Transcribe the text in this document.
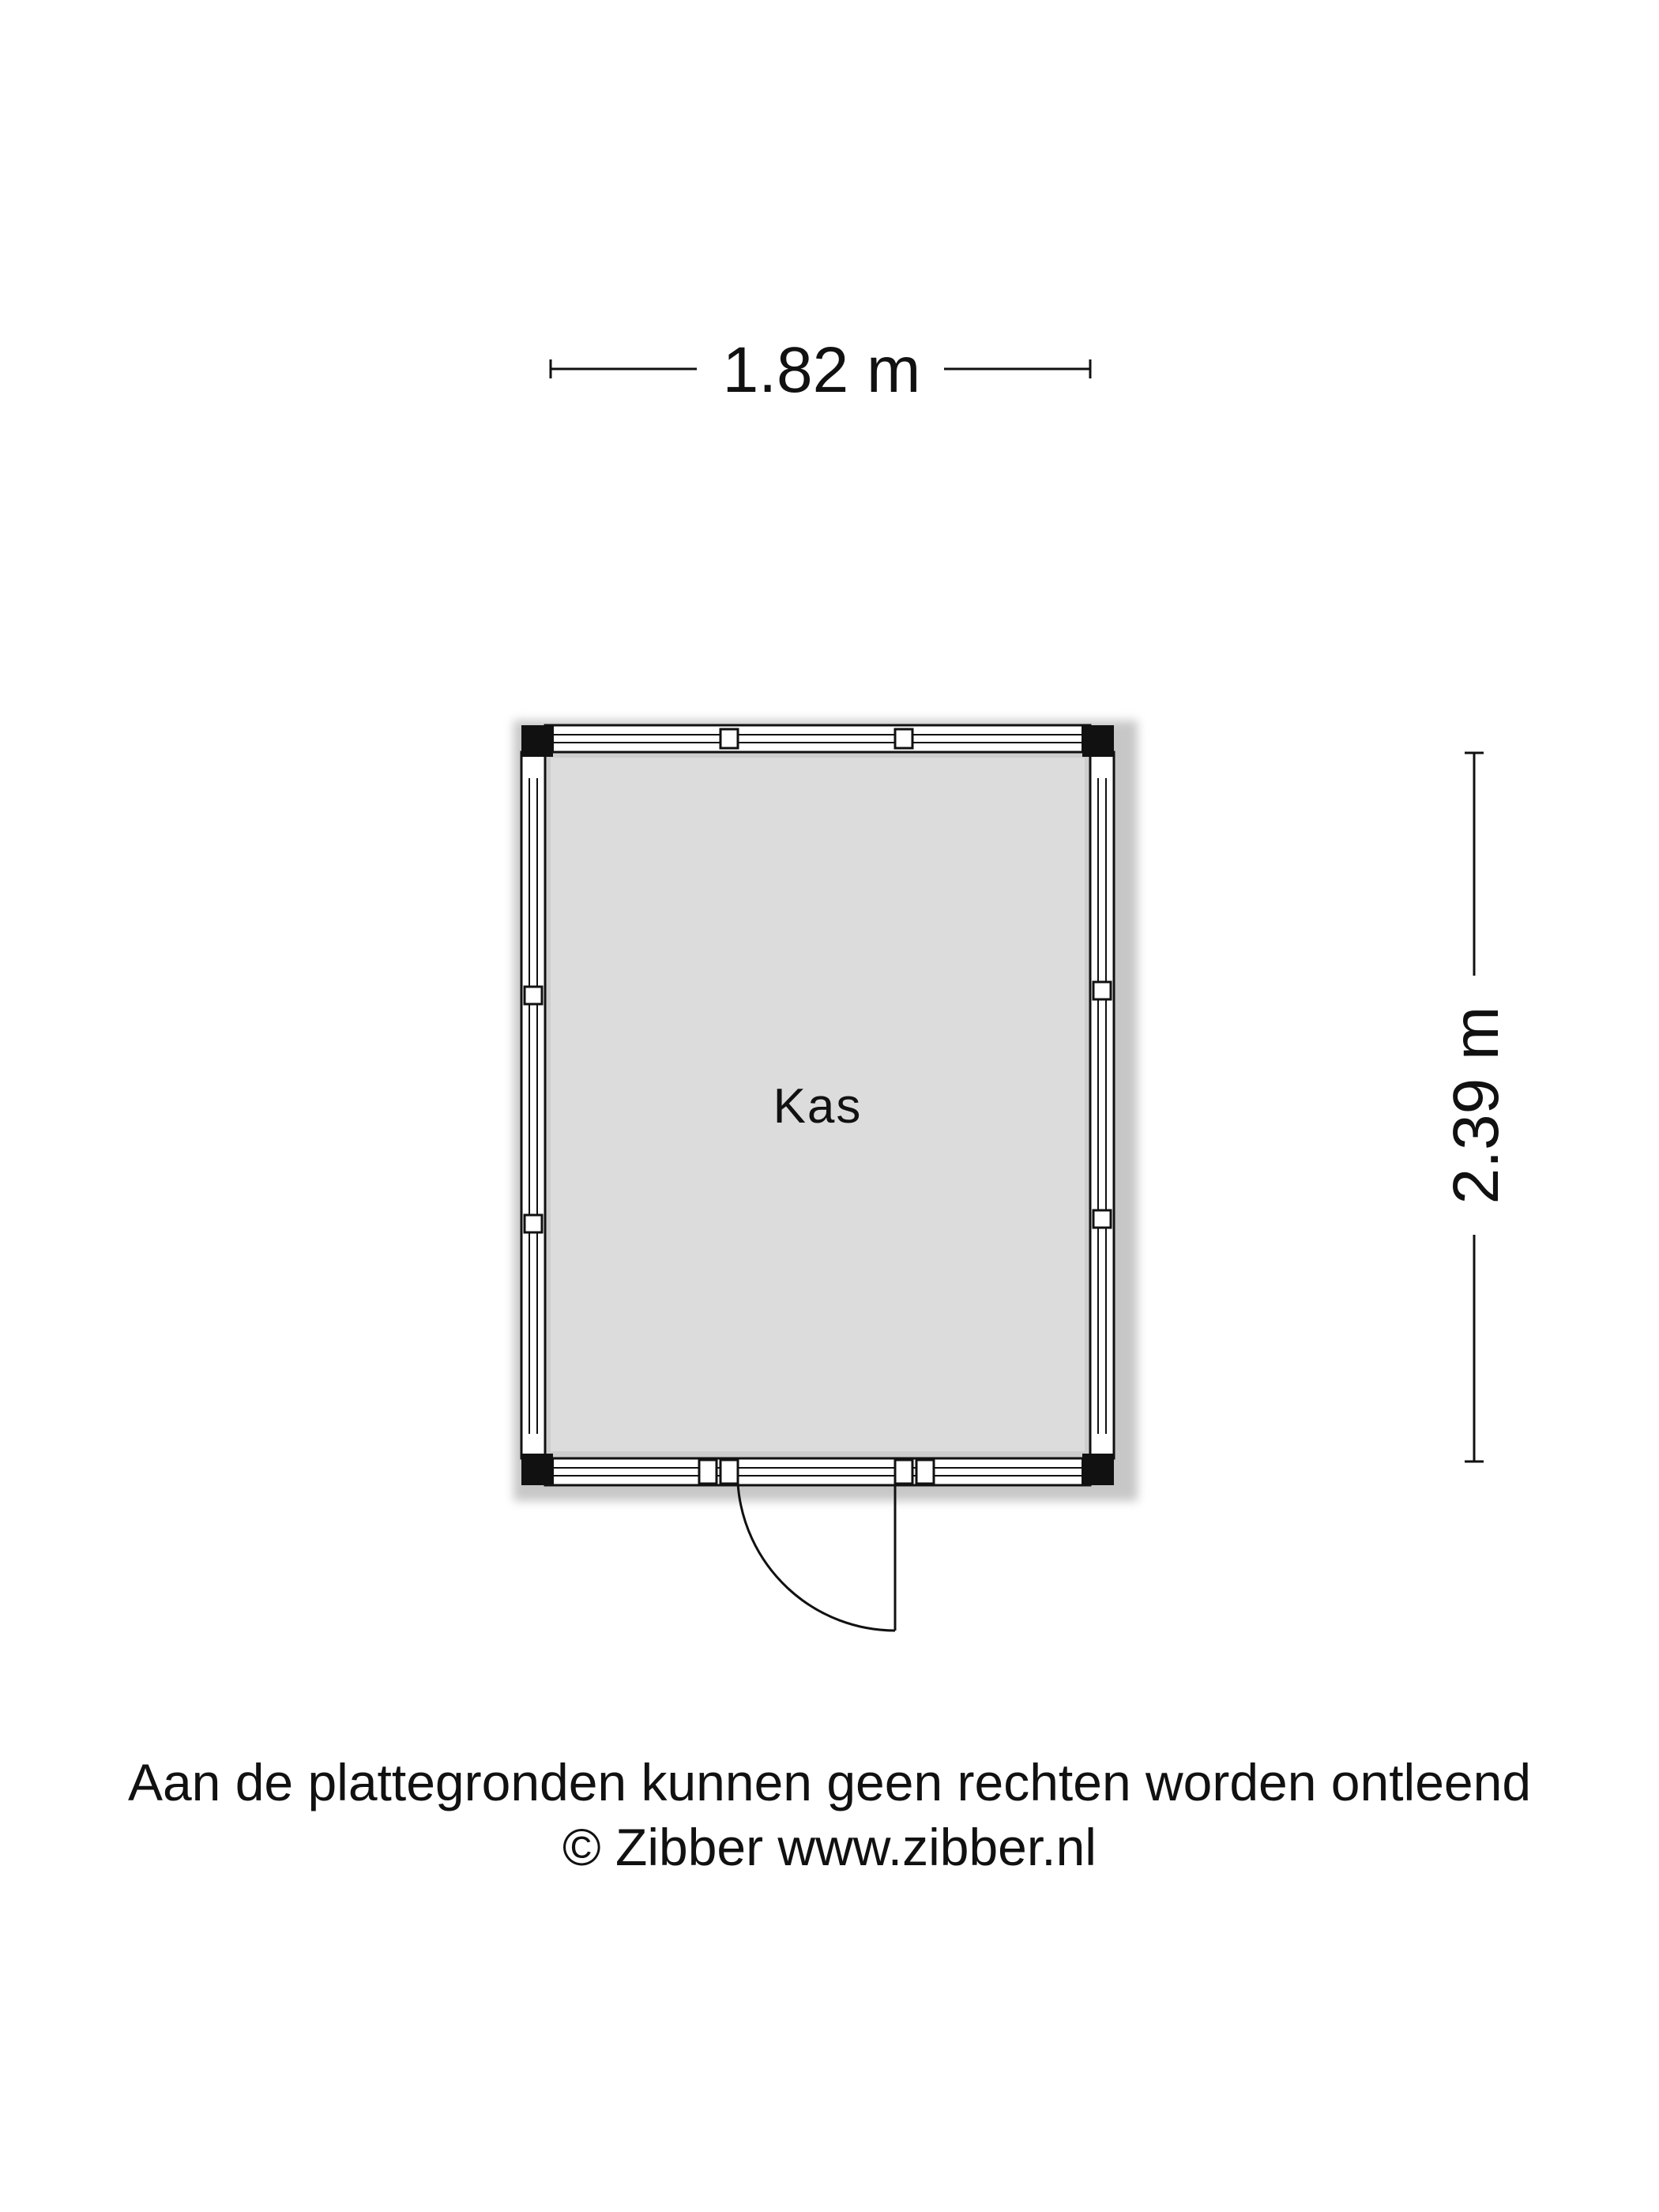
1.82 m
2.39 m
Kas
Aan de plattegronden kunnen geen rechten worden ontleend
© Zibber www.zibber.nl
